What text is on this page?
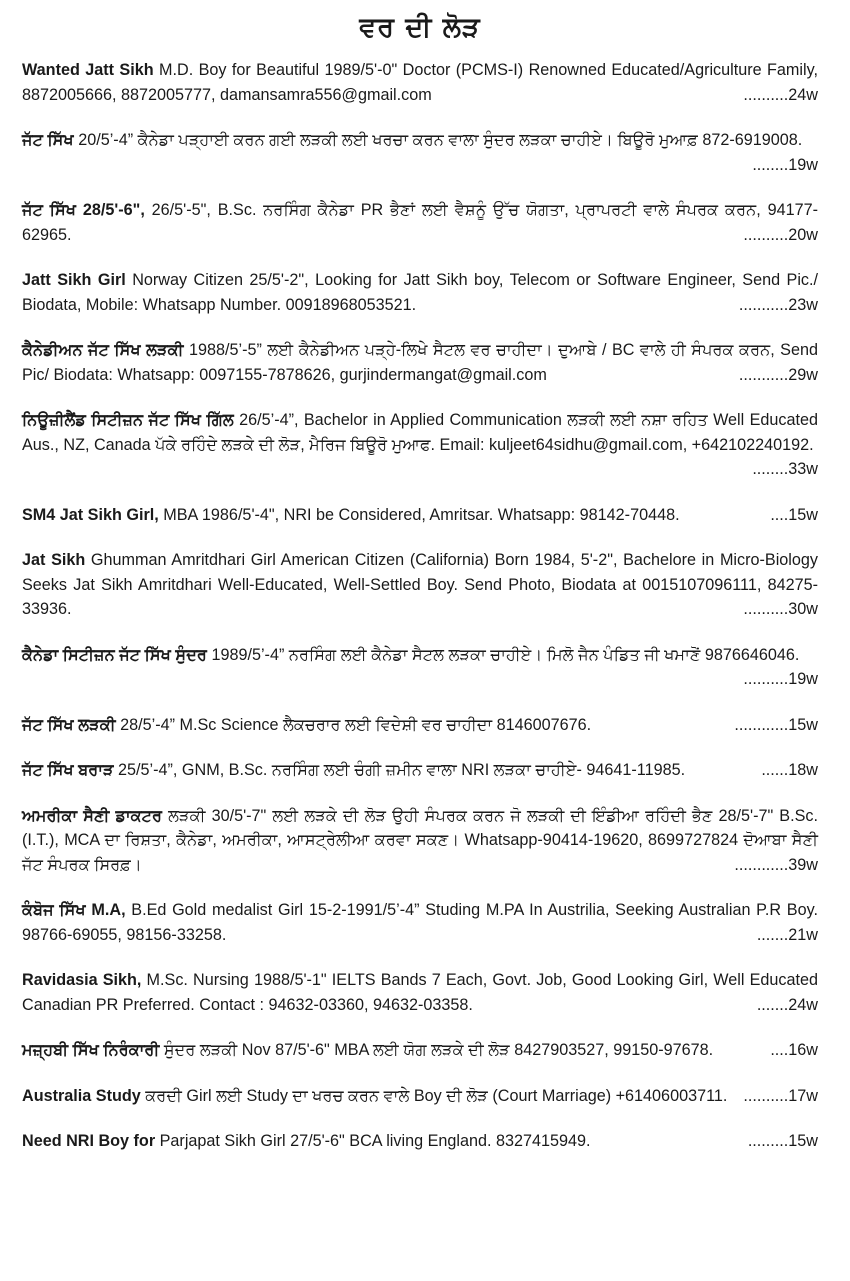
ਵਰ ਦੀ ਲੋੜ
Wanted Jatt Sikh M.D. Boy for Beautiful 1989/5'-0" Doctor (PCMS-I) Renowned Educated/Agriculture Family, 8872005666, 8872005777, damansamra556@gmail.com	..........24w
ਜੱਟ ਸਿੱਖ 20/5’-4” ਕੈਨੇਡਾ ਪੜ੍ਹਾਈ ਕਰਨ ਗਈ ਲੜਕੀ ਲਈ ਖਰਚਾ ਕਰਨ ਵਾਲਾ ਸੁੰਦਰ ਲੜਕਾ ਚਾਹੀਏ। ਬਿਊਰੋ ਮੁਆਫ਼ 872-6919008.
........19w
ਜੱਟ ਸਿੱਖ 28/5'-6", 26/5'-5", B.Sc. ਨਰਸਿੰਗ ਕੈਨੇਡਾ PR ਭੈਣਾਂ ਲਈ ਵੈਸ਼ਨੂੰ ਉੱਚ ਯੋਗਤਾ, ਪ੍ਰਾਪਰਟੀ ਵਾਲੇ ਸੰਪਰਕ ਕਰਨ, 94177-62965.	..........20w
Jatt Sikh Girl Norway Citizen 25/5'-2", Looking for Jatt Sikh boy, Telecom or Software Engineer, Send Pic./ Biodata, Mobile: Whatsapp Number. 00918968053521.	...........23w
ਕੈਨੇਡੀਅਨ ਜੱਟ ਸਿੱਖ ਲੜਕੀ 1988/5’-5” ਲਈ ਕੈਨੇਡੀਅਨ ਪੜ੍ਹੇ-ਲਿਖੇ ਸੈਟਲ ਵਰ ਚਾਹੀਦਾ। ਦੁਆਬੇ / BC ਵਾਲੇ ਹੀ ਸੰਪਰਕ ਕਰਨ, Send Pic/ Biodata: Whatsapp: 0097155-7878626, gurjindermangat@gmail.com	...........29w
ਨਿਊਜ਼ੀਲੈਂਡ ਸਿਟੀਜ਼ਨ ਜੱਟ ਸਿੱਖ ਗਿੱਲ 26/5’-4”, Bachelor in Applied Communication ਲੜਕੀ ਲਈ ਨਸ਼ਾ ਰਹਿਤ Well Educated Aus., NZ, Canada ਪੱਕੇ ਰਹਿੰਦੇ ਲੜਕੇ ਦੀ ਲੋੜ, ਮੈਰਿਜ ਬਿਊਰੋ ਮੁਆਫ. Email: kuljeet64sidhu@gmail.com, +642102240192.
........33w
SM4 Jat Sikh Girl, MBA 1986/5'-4", NRI be Considered, Amritsar. Whatsapp: 98142-70448.	....15w
Jat Sikh Ghumman Amritdhari Girl American Citizen (California) Born 1984, 5'-2", Bachelore in Micro-Biology Seeks Jat Sikh Amritdhari Well-Educated, Well-Settled Boy. Send Photo, Biodata at 0015107096111, 84275-33936.	..........30w
ਕੈਨੇਡਾ ਸਿਟੀਜ਼ਨ ਜੱਟ ਸਿੱਖ ਸੁੰਦਰ 1989/5’-4” ਨਰਸਿੰਗ ਲਈ ਕੈਨੇਡਾ ਸੈਟਲ ਲੜਕਾ ਚਾਹੀਏ। ਮਿਲੋ ਜੈਨ ਪੰਡਿਤ ਜੀ ਖਮਾਣੋਂ 9876646046.
..........19w
ਜੱਟ ਸਿੱਖ ਲੜਕੀ 28/5’-4” M.Sc Science ਲੈਕਚਰਾਰ ਲਈ ਵਿਦੇਸ਼ੀ ਵਰ ਚਾਹੀਦਾ 8146007676.	............15w
ਜੱਟ ਸਿੱਖ ਬਰਾੜ 25/5’-4”, GNM, B.Sc. ਨਰਸਿੰਗ ਲਈ ਚੰਗੀ ਜ਼ਮੀਨ ਵਾਲਾ NRI ਲੜਕਾ ਚਾਹੀਏ- 94641-11985.	......18w
ਅਮਰੀਕਾ ਸੈਣੀ ਡਾਕਟਰ ਲੜਕੀ 30/5'-7" ਲਈ ਲੜਕੇ ਦੀ ਲੋੜ ਉਹੀ ਸੰਪਰਕ ਕਰਨ ਜੋ ਲੜਕੀ ਦੀ ਇੰਡੀਆ ਰਹਿੰਦੀ ਭੈਣ 28/5'-7" B.Sc. (I.T.), MCA ਦਾ ਰਿਸ਼ਤਾ, ਕੈਨੇਡਾ, ਅਮਰੀਕਾ, ਆਸਟ੍ਰੇਲੀਆ ਕਰਵਾ ਸਕਣ। Whatsapp-90414-19620, 8699727824 ਦੋਆਬਾ ਸੈਣੀ ਜੱਟ ਸੰਪਰਕ ਸਿਰਫ਼।	............39w
ਕੰਬੋਜ ਸਿੱਖ M.A, B.Ed Gold medalist Girl 15-2-1991/5’-4” Studing M.PA In Austrilia, Seeking Australian P.R Boy. 98766-69055, 98156-33258.	.......21w
Ravidasia Sikh, M.Sc. Nursing 1988/5'-1" IELTS Bands 7 Each, Govt. Job, Good Looking Girl, Well Educated Canadian PR Preferred. Contact : 94632-03360, 94632-03358.	.......24w
ਮਜ਼੍ਹਬੀ ਸਿੱਖ ਨਿਰੰਕਾਰੀ ਸੁੰਦਰ ਲੜਕੀ Nov 87/5'-6" MBA ਲਈ ਯੋਗ ਲੜਕੇ ਦੀ ਲੋੜ 8427903527, 99150-97678.	....16w
Australia Study ਕਰਦੀ Girl ਲਈ Study ਦਾ ਖਰਚ ਕਰਨ ਵਾਲੇ Boy ਦੀ ਲੋੜ (Court Marriage) +61406003711. ..........17w
Need NRI Boy for Parjapat Sikh Girl 27/5'-6" BCA living England. 8327415949.	.........15w
